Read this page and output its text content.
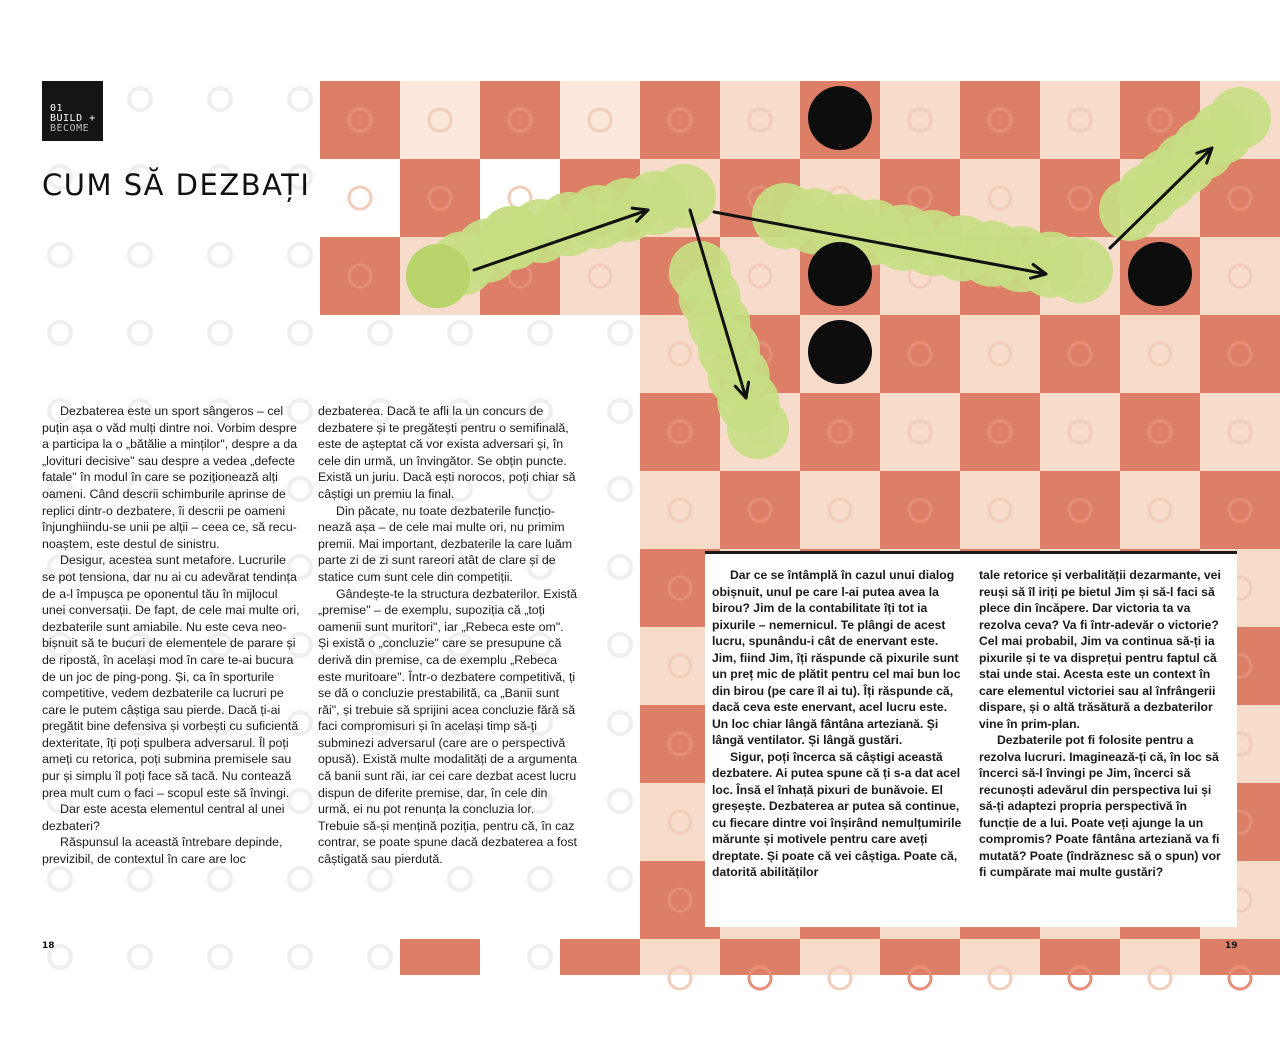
01
BUILD +
BECOME
CUM SĂ DEZBAȚI

Dezbaterea este un sport sângeros – cel puțin așa o văd mulți dintre noi. Vorbim despre a participa la o „bătălie a minților", despre a da „lovituri decisive" sau despre a vedea „defecte fatale" în modul în care se poziționează alți oameni. Când descrii schimburile aprinse de replici dintr-o dezbatere, îi descrii pe oameni înjunghiindu-se unii pe alții – ceea ce, să recu-noaștem, este destul de sinistru.

Desigur, acestea sunt metafore. Lucrurile se pot tensiona, dar nu ai cu adevărat tendința de a-l împușca pe oponentul tău în mijlocul unei conversații. De fapt, de cele mai multe ori, dezbaterile sunt amiabile. Nu este ceva neo-bișnuit să te bucuri de elementele de parare și de ripostă, în același mod în care te-ai bucura de un joc de ping-pong. Și, ca în sporturile competitive, vedem dezbaterile ca lucruri pe care le putem câștiga sau pierde. Dacă ți-ai pregătit bine defensiva și vorbești cu suficientă dexteritate, îți poți spulbera adversarul. Îl poți ameți cu retorica, poți submina premisele sau pur și simplu îl poți face să tacă. Nu contează prea mult cum o faci – scopul este să învingi.

Dar este acesta elementul central al unei dezbateri?

Răspunsul la această întrebare depinde, previzibil, de contextul în care are loc

dezbaterea. Dacă te afli la un concurs de dezbatere și te pregătești pentru o semifinală, este de așteptat că vor exista adversari și, în cele din urmă, un învingător. Se obțin puncte. Există un juriu. Dacă ești norocos, poți chiar să câștigi un premiu la final.

Din păcate, nu toate dezbaterile funcțio-nează așa – de cele mai multe ori, nu primim premii. Mai important, dezbaterile la care luăm parte zi de zi sunt rareori atât de clare și de statice cum sunt cele din competiții.

Gândește-te la structura dezbaterilor. Există „premise" – de exemplu, supoziția că „toți oamenii sunt muritori", iar „Rebeca este om". Și există o „concluzie" care se presupune că derivă din premise, ca de exemplu „Rebeca este muritoare". Într-o dezbatere competitivă, ți se dă o concluzie prestabilită, ca „Banii sunt răi", și trebuie să sprijini acea concluzie fără să faci compromisuri și în același timp să-ți subminezi adversarul (care are o perspectivă opusă). Există multe modalități de a argumenta că banii sunt răi, iar cei care dezbat acest lucru dispun de diferite premise, dar, în cele din urmă, ei nu pot renunța la concluzia lor. Trebuie să-și mențină poziția, pentru că, în caz contrar, se poate spune dacă dezbaterea a fost câștigată sau pierdută.

Dar ce se întâmplă în cazul unui dialog obișnuit, unul pe care l-ai putea avea la birou? Jim de la contabilitate îți tot ia pixurile – nemernicul. Te plângi de acest lucru, spunându-i cât de enervant este. Jim, fiind Jim, îți răspunde că pixurile sunt un preț mic de plătit pentru cel mai bun loc din birou (pe care îl ai tu). Îți răspunde că, dacă ceva este enervant, acel lucru este. Un loc chiar lângă fântâna arteziană. Și lângă ventilator. Și lângă gustări.

Sigur, poți încerca să câștigi această dezbatere. Ai putea spune că ți s-a dat acel loc. Însă el înhață pixuri de bunăvoie. El greșește. Dezbaterea ar putea să continue, cu fiecare dintre voi înșirând nemulțumirile mărunte și motivele pentru care aveți dreptate. Și poate că vei câștiga. Poate că, datorită abilităților

tale retorice și verbalității dezarmante, vei reuși să îl iriți pe bietul Jim și să-l faci să plece din încăpere. Dar victoria ta va rezolva ceva? Va fi într-adevăr o victorie? Cel mai probabil, Jim va continua să-ți ia pixurile și te va disprețui pentru faptul că stai unde stai. Acesta este un context în care elementul victoriei sau al înfrângerii dispare, și o altă trăsătură a dezbaterilor vine în prim-plan.

Dezbaterile pot fi folosite pentru a rezolva lucruri. Imaginează-ți că, în loc să încerci să-l învingi pe Jim, încerci să recunoști adevărul din perspectiva lui și să-ți adaptezi propria perspectivă în funcție de a lui. Poate veți ajunge la un compromis? Poate fântâna arteziană va fi mutată? Poate (îndrăznesc să o spun) vor fi cumpărate mai multe gustări?

18	19
